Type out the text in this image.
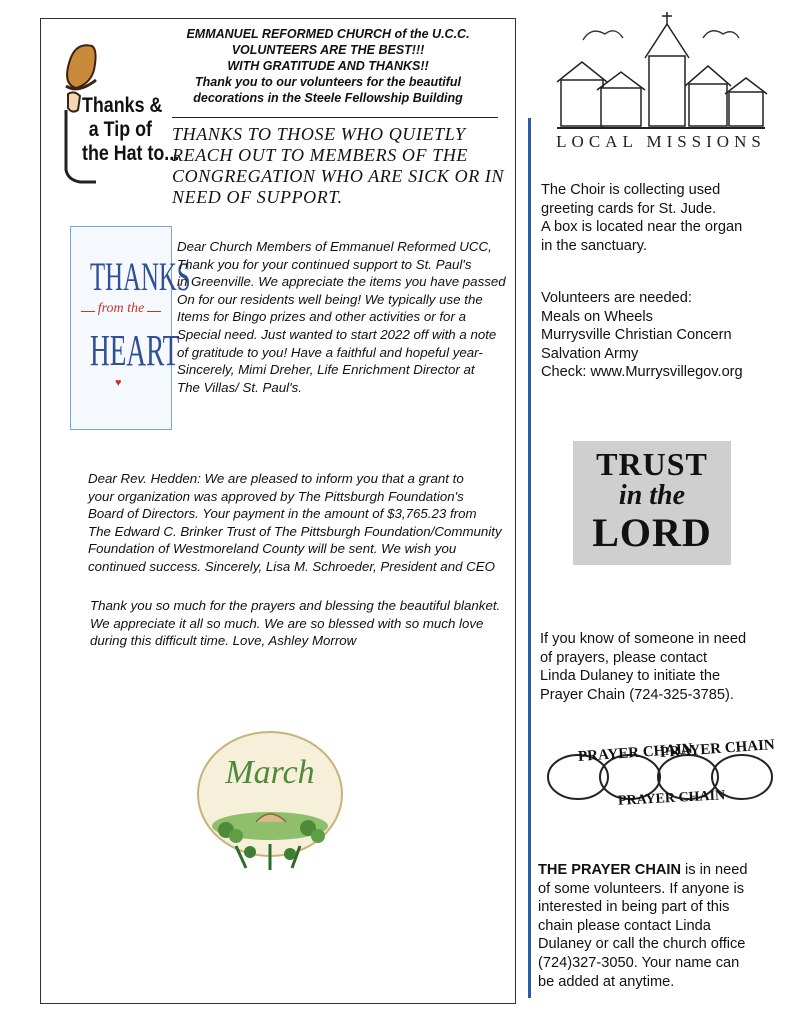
EMMANUEL REFORMED CHURCH of the U.C.C.
VOLUNTEERS ARE THE BEST!!!
WITH GRATITUDE AND THANKS!!
Thank you to our volunteers for the beautiful
decorations in the Steele Fellowship Building
Thanks &
a Tip of
the Hat to...
THANKS TO THOSE WHO QUIETLY
REACH OUT TO MEMBERS OF THE
CONGREGATION WHO ARE SICK OR IN
NEED OF SUPPORT.
THANKS
from the
HEART
♥
Dear Church Members of Emmanuel Reformed UCC,
Thank you for your continued support to St. Paul's
in Greenville. We appreciate the items you have passed
On for our residents well being! We typically use the
Items for Bingo prizes and other activities or for a
Special need. Just wanted to start 2022 off with a note
of gratitude to you! Have a faithful and hopeful year-
Sincerely, Mimi Dreher, Life Enrichment Director at
The Villas/ St. Paul's.
Dear Rev. Hedden: We are pleased to inform you that a grant to
your organization was approved by The Pittsburgh Foundation's
Board of Directors. Your payment in the amount of $3,765.23 from
The Edward C. Brinker Trust of The Pittsburgh Foundation/Community
Foundation of Westmoreland County will be sent. We wish you
continued success. Sincerely, Lisa M. Schroeder, President and CEO
Thank you so much for the prayers and blessing the beautiful blanket.
We appreciate it all so much. We are so blessed with so much love
during this difficult time. Love, Ashley Morrow
March
LOCAL MISSIONS
The Choir is collecting used
greeting cards for St. Jude.
A box is located near the organ
in the sanctuary.
Volunteers are needed:
Meals on Wheels
Murrysville Christian Concern
Salvation Army
Check: www.Murrysvillegov.org
TRUST
in the
LORD
If you know of someone in need
of prayers, please contact
Linda Dulaney to initiate the
Prayer Chain (724-325-3785).
PRAYER CHAIN
PRAYER CHAIN
PRAYER CHAIN
THE PRAYER CHAIN is in need
of some volunteers. If anyone is
interested in being part of this
chain please contact Linda
Dulaney or call the church office
(724)327-3050. Your name can
be added at anytime.
